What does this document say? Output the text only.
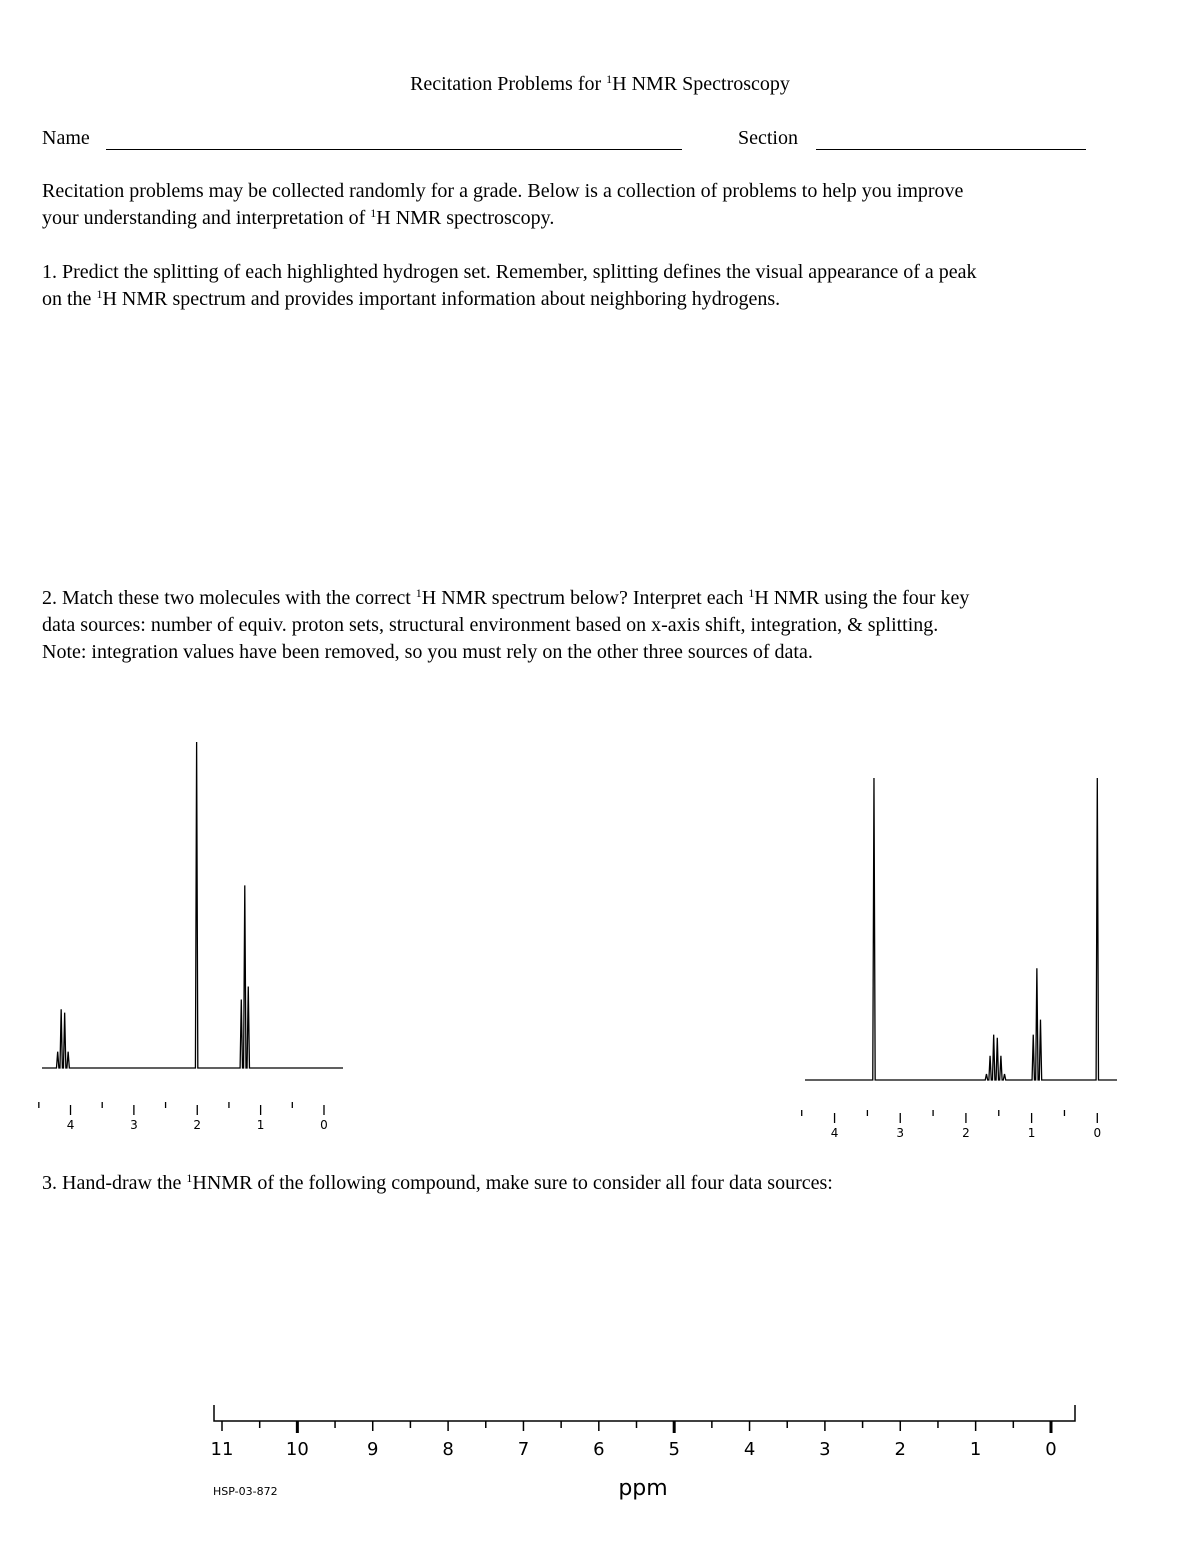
Recitation Problems for $^1$H NMR Spectroscopy
Name	Section
Recitation problems may be collected randomly for a grade. Below is a collection of problems to help you improve
your understanding and interpretation of $^1$H NMR spectroscopy.
1. Predict the splitting of each highlighted hydrogen set. Remember, splitting defines the visual appearance of a peak
on the $^1$H NMR spectrum and provides important information about neighboring hydrogens.
2. Match these two molecules with the correct $^1$H NMR spectrum below? Interpret each $^1$H NMR using the four key
data sources: number of equiv. proton sets, structural environment based on x-axis shift, integration, & splitting.
Note: integration values have been removed, so you must rely on the other three sources of data.
4	3	2	1	0
4	3	2	1	0
3. Hand-draw the $^1$HNMR of the following compound, make sure to consider all four data sources:
11	10	9	8	7	6	5	4	3	2	1	0
ppm
HSP-03-872
